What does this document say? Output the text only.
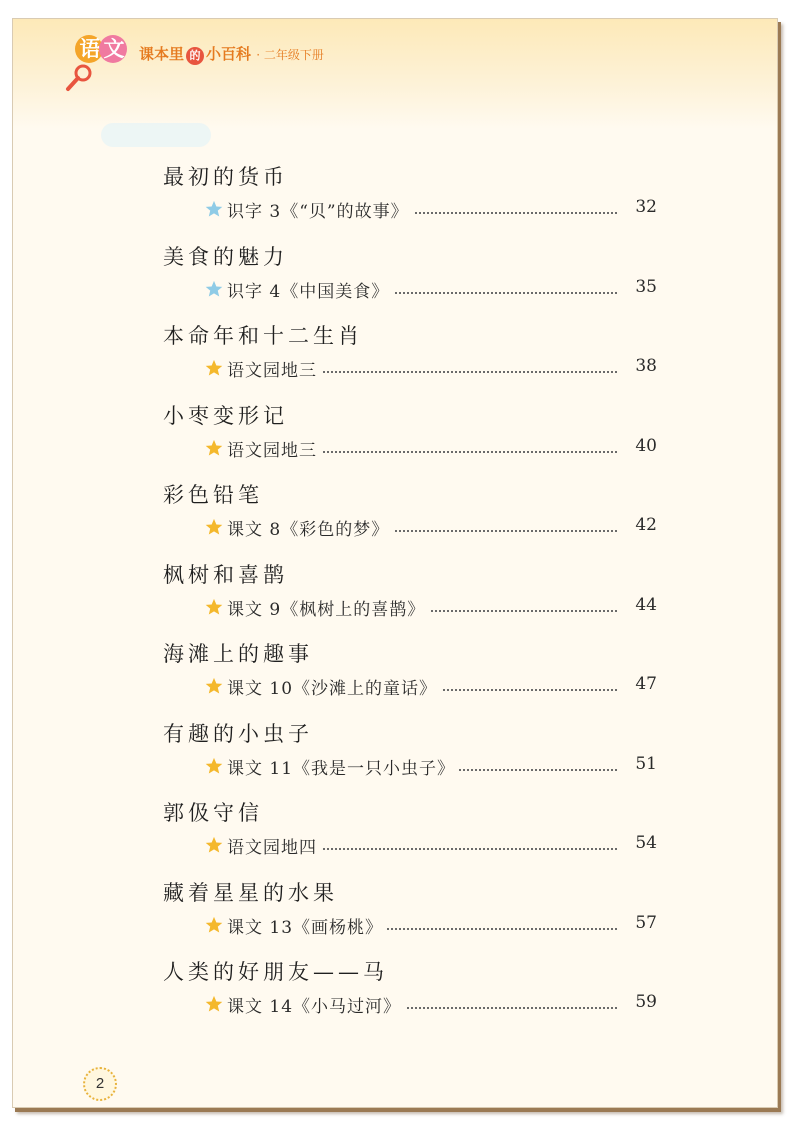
语 文	课本里 的 小百科 · 二年级下册
最初的货币
识字 3《“贝”的故事》	32
美食的魅力
识字 4《中国美食》	35
本命年和十二生肖
语文园地三	38
小枣变形记
语文园地三	40
彩色铅笔
课文 8《彩色的梦》	42
枫树和喜鹊
课文 9《枫树上的喜鹊》	44
海滩上的趣事
课文 10《沙滩上的童话》	47
有趣的小虫子
课文 11《我是一只小虫子》	51
郭伋守信
语文园地四	54
藏着星星的水果
课文 13《画杨桃》	57
人类的好朋友——马
课文 14《小马过河》	59
2
